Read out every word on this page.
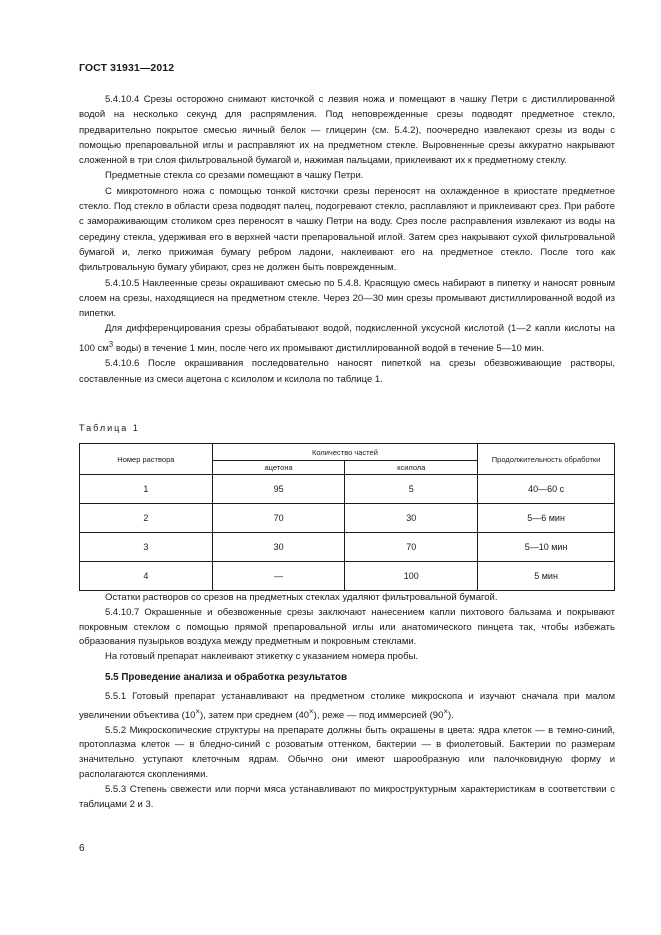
ГОСТ 31931—2012

5.4.10.4 Срезы осторожно снимают кисточкой с лезвия ножа и помещают в чашку Петри с дистиллированной водой на несколько секунд для распрямления. Под неповрежденные срезы подводят предметное стекло, предварительно покрытое смесью яичный белок — глицерин (см. 5.4.2), поочередно извлекают срезы из воды с помощью препаровальной иглы и расправляют их на предметном стекле. Выровненные срезы аккуратно накрывают сложенной в три слоя фильтровальной бумагой и, нажимая пальцами, приклеивают их к предметному стеклу.

Предметные стекла со срезами помещают в чашку Петри.

С микротомного ножа с помощью тонкой кисточки срезы переносят на охлажденное в криостате предметное стекло. Под стекло в области среза подводят палец, подогревают стекло, расплавляют и приклеивают срез. При работе с замораживающим столиком срез переносят в чашку Петри на воду. Срез после расправления извлекают из воды на середину стекла, удерживая его в верхней части препаровальной иглой. Затем срез накрывают сухой фильтровальной бумагой и, легко прижимая бумагу ребром ладони, наклеивают его на предметное стекло. После того как фильтровальную бумагу убирают, срез не должен быть поврежденным.

5.4.10.5 Наклеенные срезы окрашивают смесью по 5.4.8. Красящую смесь набирают в пипетку и наносят ровным слоем на срезы, находящиеся на предметном стекле. Через 20—30 мин срезы промывают дистиллированной водой из пипетки.

Для дифференцирования срезы обрабатывают водой, подкисленной уксусной кислотой (1—2 капли кислоты на 100 $см^3$ воды) в течение 1 мин, после чего их промывают дистиллированной водой в течение 5—10 мин.

5.4.10.6 После окрашивания последовательно наносят пипеткой на срезы обезвоживающие растворы, составленные из смеси ацетона с ксилолом и ксилола по таблице 1.

Таблица 1
Номер раствора	Количество частей		Продолжительность обработки
	ацетона	ксилола	
1	95	5	40—60 с
2	70	30	5—6 мин
3	30	70	5—10 мин
4	—	100	5 мин

Остатки растворов со срезов на предметных стеклах удаляют фильтровальной бумагой.

5.4.10.7 Окрашенные и обезвоженные срезы заключают нанесением капли пихтового бальзама и покрывают покровным стеклом с помощью прямой препаровальной иглы или анатомического пинцета так, чтобы избежать образования пузырьков воздуха между предметным и покровным стеклами.

На готовый препарат наклеивают этикетку с указанием номера пробы.

5.5 Проведение анализа и обработка результатов

5.5.1 Готовый препарат устанавливают на предметном столике микроскопа и изучают сначала при малом увеличении объектива (10×), затем при среднем (40×), реже — под иммерсией (90×).

5.5.2 Микроскопические структуры на препарате должны быть окрашены в цвета: ядра клеток — в темно-синий, протоплазма клеток — в бледно-синий с розоватым оттенком, бактерии — в фиолетовый. Бактерии по размерам значительно уступают клеточным ядрам. Обычно они имеют шарообразную или палочковидную форму и располагаются скоплениями.

5.5.3 Степень свежести или порчи мяса устанавливают по микроструктурным характеристикам в соответствии с таблицами 2 и 3.

6
